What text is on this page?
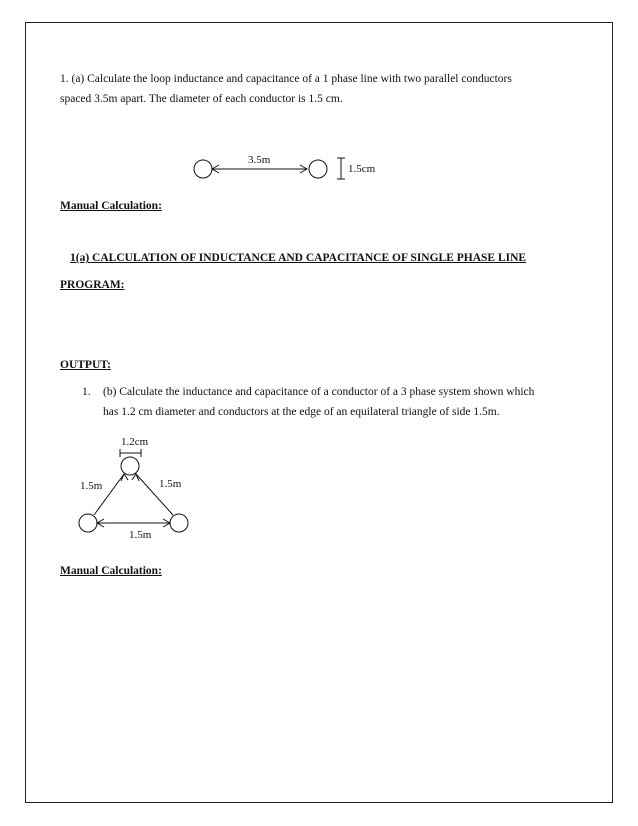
1. (a) Calculate the loop inductance and capacitance of a 1 phase line with two parallel conductors
spaced 3.5m apart. The diameter of each conductor is 1.5 cm.
3.5m
1.5cm
Manual Calculation:
1(a) CALCULATION OF INDUCTANCE AND CAPACITANCE OF SINGLE PHASE LINE
PROGRAM:
OUTPUT:
1. (b) Calculate the inductance and capacitance of a conductor of a 3 phase system shown which
has 1.2 cm diameter and conductors at the edge of an equilateral triangle of side 1.5m.
1.2cm
1.5m	1.5m
1.5m
Manual Calculation:
